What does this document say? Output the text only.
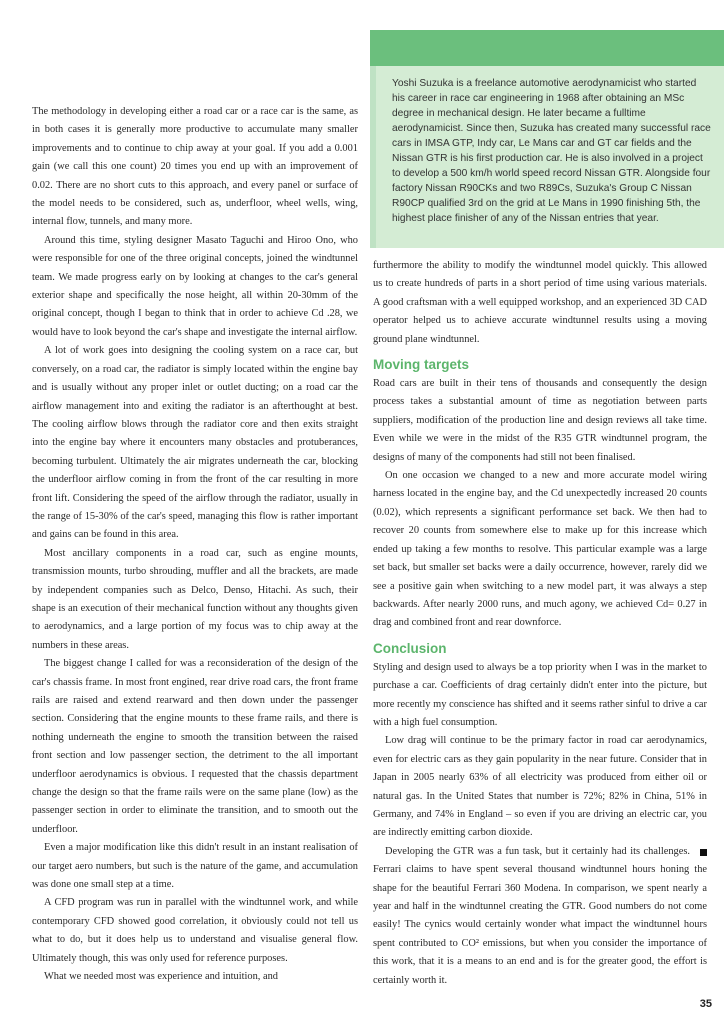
Yoshi Suzuka is a freelance automotive aerodynamicist who started his career in race car engineering in 1968 after obtaining an MSc degree in mechanical design. He later became a fulltime aerodynamicist. Since then, Suzuka has created many successful race cars in IMSA GTP, Indy car, Le Mans car and GT car fields and the Nissan GTR is his first production car. He is also involved in a project to develop a 500 km/h world speed record Nissan GTR. Alongside four factory Nissan R90CKs and two R89Cs, Suzuka's Group C Nissan R90CP qualified 3rd on the grid at Le Mans in 1990 finishing 5th, the highest place finisher of any of the Nissan entries that year.

The methodology in developing either a road car or a race car is the same, as in both cases it is generally more productive to accumulate many smaller improvements and to continue to chip away at your goal. If you add a 0.001 gain (we call this one count) 20 times you end up with an improvement of 0.02. There are no short cuts to this approach, and every panel or surface of the model needs to be considered, such as, underfloor, wheel wells, wing, internal flow, tunnels, and many more.

Around this time, styling designer Masato Taguchi and Hiroo Ono, who were responsible for one of the three original concepts, joined the windtunnel team. We made progress early on by looking at changes to the car's general exterior shape and specifically the nose height, all within 20-30mm of the original concept, though I began to think that in order to achieve Cd .28, we would have to look beyond the car's shape and investigate the internal airflow.

A lot of work goes into designing the cooling system on a race car, but conversely, on a road car, the radiator is simply located within the engine bay and is usually without any proper inlet or outlet ducting; on a road car the airflow management into and exiting the radiator is an afterthought at best. The cooling airflow blows through the radiator core and then exits straight into the engine bay where it encounters many obstacles and protuberances, becoming turbulent. Ultimately the air migrates underneath the car, blocking the underfloor airflow coming in from the front of the car resulting in more front lift. Considering the speed of the airflow through the radiator, usually in the range of 15-30% of the car's speed, managing this flow is rather important and gains can be found in this area.

Most ancillary components in a road car, such as engine mounts, transmission mounts, turbo shrouding, muffler and all the brackets, are made by independent companies such as Delco, Denso, Hitachi. As such, their shape is an execution of their mechanical function without any thoughts given to aerodynamics, and a large portion of my focus was to chip away at the numbers in these areas.

The biggest change I called for was a reconsideration of the design of the car's chassis frame. In most front engined, rear drive road cars, the front frame rails are raised and extend rearward and then down under the passenger section. Considering that the engine mounts to these frame rails, and there is nothing underneath the engine to smooth the transition between the raised front section and low passenger section, the detriment to the all important underfloor aerodynamics is obvious. I requested that the chassis department change the design so that the frame rails were on the same plane (low) as the passenger section in order to eliminate the transition, and to smooth out the underfloor.

Even a major modification like this didn't result in an instant realisation of our target aero numbers, but such is the nature of the game, and accumulation was done one small step at a time.

A CFD program was run in parallel with the windtunnel work, and while contemporary CFD showed good correlation, it obviously could not tell us what to do, but it does help us to understand and visualise general flow. Ultimately though, this was only used for reference purposes.

What we needed most was experience and intuition, and

furthermore the ability to modify the windtunnel model quickly. This allowed us to create hundreds of parts in a short period of time using various materials. A good craftsman with a well equipped workshop, and an experienced 3D CAD operator helped us to achieve accurate windtunnel results using a moving ground plane windtunnel.

Moving targets

Road cars are built in their tens of thousands and consequently the design process takes a substantial amount of time as negotiation between parts suppliers, modification of the production line and design reviews all take time. Even while we were in the midst of the R35 GTR windtunnel program, the designs of many of the components had still not been finalised.

On one occasion we changed to a new and more accurate model wiring harness located in the engine bay, and the Cd unexpectedly increased 20 counts (0.02), which represents a significant performance set back. We then had to recover 20 counts from somewhere else to make up for this increase which ended up taking a few months to resolve. This particular example was a large set back, but smaller set backs were a daily occurrence, however, rarely did we see a positive gain when switching to a new model part, it was always a step backwards. After nearly 2000 runs, and much agony, we achieved Cd= 0.27 in drag and combined front and rear downforce.

Conclusion

Styling and design used to always be a top priority when I was in the market to purchase a car. Coefficients of drag certainly didn't enter into the picture, but more recently my conscience has shifted and it seems rather sinful to drive a car with a high fuel consumption.

Low drag will continue to be the primary factor in road car aerodynamics, even for electric cars as they gain popularity in the near future. Consider that in Japan in 2005 nearly 63% of all electricity was produced from either oil or natural gas. In the United States that number is 72%; 82% in China, 51% in Germany, and 74% in England – so even if you are driving an electric car, you are indirectly emitting carbon dioxide.

Developing the GTR was a fun task, but it certainly had its challenges. Ferrari claims to have spent several thousand windtunnel hours honing the shape for the beautiful Ferrari 360 Modena. In comparison, we spent nearly a year and half in the windtunnel creating the GTR. Good numbers do not come easily! The cynics would certainly wonder what impact the windtunnel hours spent contributed to CO² emissions, but when you consider the importance of this work, that it is a means to an end and is for the greater good, the effort is certainly worth it.

35
